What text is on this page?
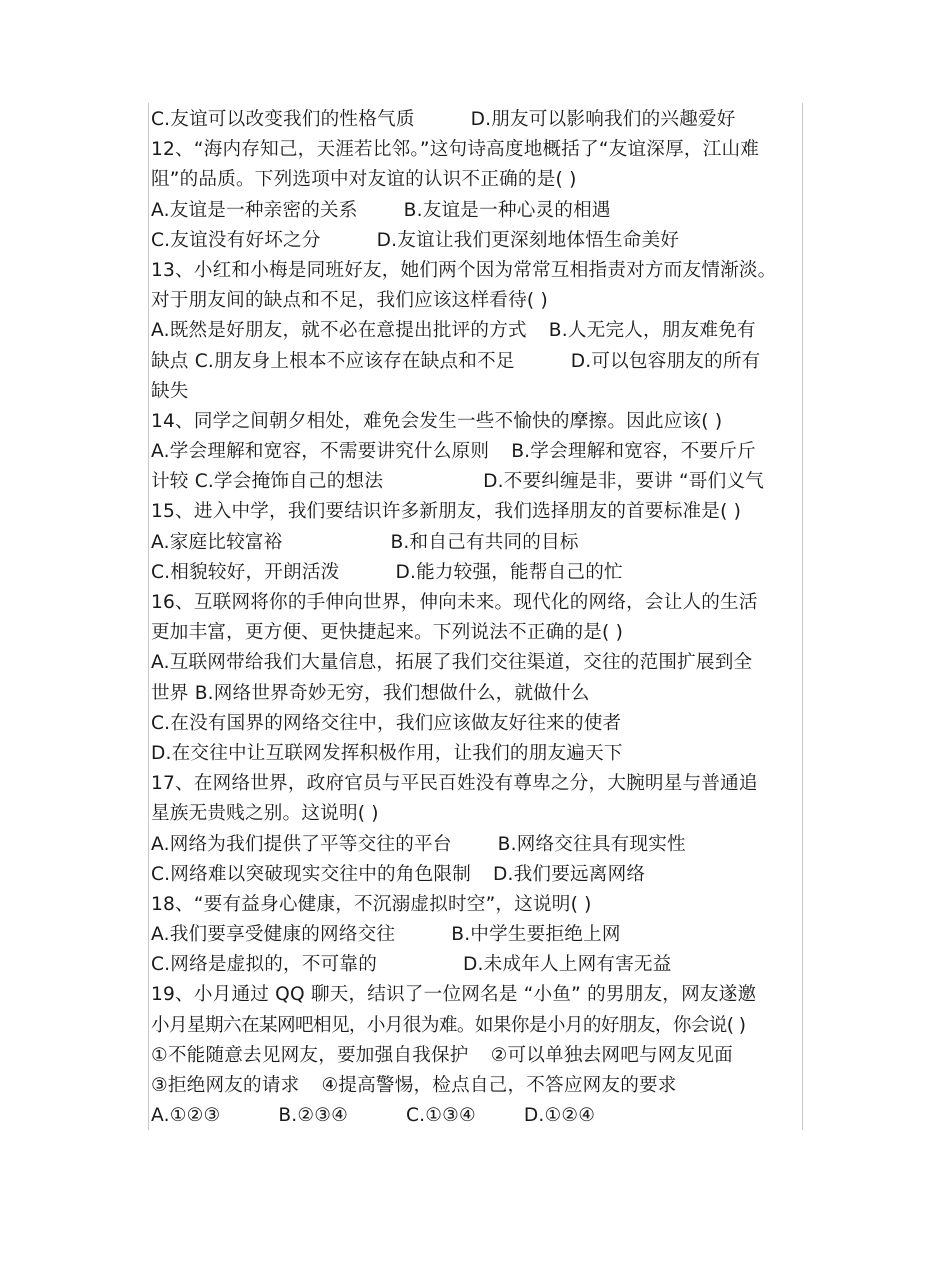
C.友谊可以改变我们的性格气质	D.朋友可以影响我们的兴趣爱好
12、“海内存知己，天涯若比邻。”这句诗高度地概括了“友谊深厚，江山难
阻”的品质。下列选项中对友谊的认识不正确的是( )
A.友谊是一种亲密的关系 B.友谊是一种心灵的相遇
C.友谊没有好坏之分	D.友谊让我们更深刻地体悟生命美好
13、小红和小梅是同班好友，她们两个因为常常互相指责对方而友情渐淡。
对于朋友间的缺点和不足，我们应该这样看待( )
A.既然是好朋友，就不必在意提出批评的方式 B.人无完人，朋友难免有
缺点 C.朋友身上根本不应该存在缺点和不足	D.可以包容朋友的所有
缺失
14、同学之间朝夕相处，难免会发生一些不愉快的摩擦。因此应该( )
A.学会理解和宽容，不需要讲究什么原则 B.学会理解和宽容，不要斤斤
计较 C.学会掩饰自己的想法	D.不要纠缠是非，要讲 “哥们义气
15、进入中学，我们要结识许多新朋友，我们选择朋友的首要标准是( )
A.家庭比较富裕	B.和自己有共同的目标
C.相貌较好，开朗活泼	D.能力较强，能帮自己的忙
16、互联网将你的手伸向世界，伸向未来。现代化的网络，会让人的生活
更加丰富，更方便、更快捷起来。下列说法不正确的是( )
A.互联网带给我们大量信息，拓展了我们交往渠道，交往的范围扩展到全
世界 B.网络世界奇妙无穷，我们想做什么，就做什么
C.在没有国界的网络交往中，我们应该做友好往来的使者
D.在交往中让互联网发挥积极作用，让我们的朋友遍天下
17、在网络世界，政府官员与平民百姓没有尊卑之分，大腕明星与普通追
星族无贵贱之别。这说明( )
A.网络为我们提供了平等交往的平台 B.网络交往具有现实性
C.网络难以突破现实交往中的角色限制 D.我们要远离网络
18、“要有益身心健康，不沉溺虚拟时空”，这说明( )
A.我们要享受健康的网络交往	B.中学生要拒绝上网
C.网络是虚拟的，不可靠的	D.未成年人上网有害无益
19、小月通过 QQ 聊天，结识了一位网名是 “小鱼” 的男朋友，网友遂邀
小月星期六在某网吧相见，小月很为难。如果你是小月的好朋友，你会说( )
①不能随意去见网友，要加强自我保护 ②可以单独去网吧与网友见面
③拒绝网友的请求 ④提高警惕，检点自己，不答应网友的要求
A.①②③	B.②③④	C.①③④	D.①②④
